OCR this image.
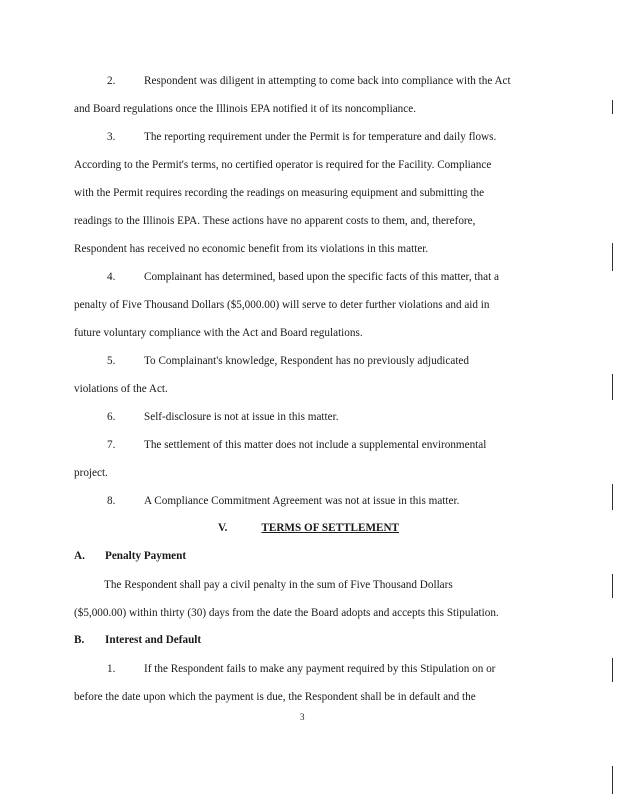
2.	Respondent was diligent in attempting to come back into compliance with the Act
and Board regulations once the Illinois EPA notified it of its noncompliance.
3.	The reporting requirement under the Permit is for temperature and daily flows.
According to the Permit's terms, no certified operator is required for the Facility. Compliance
with the Permit requires recording the readings on measuring equipment and submitting the
readings to the Illinois EPA. These actions have no apparent costs to them, and, therefore,
Respondent has received no economic benefit from its violations in this matter.
4.	Complainant has determined, based upon the specific facts of this matter, that a
penalty of Five Thousand Dollars ($5,000.00) will serve to deter further violations and aid in
future voluntary compliance with the Act and Board regulations.
5.	To Complainant's knowledge, Respondent has no previously adjudicated
violations of the Act.
6.	Self-disclosure is not at issue in this matter.
7.	The settlement of this matter does not include a supplemental environmental
project.
8.	A Compliance Commitment Agreement was not at issue in this matter.
V.	TERMS OF SETTLEMENT
A. Penalty Payment
The Respondent shall pay a civil penalty in the sum of Five Thousand Dollars
($5,000.00) within thirty (30) days from the date the Board adopts and accepts this Stipulation.
B. Interest and Default
1.	If the Respondent fails to make any payment required by this Stipulation on or
before the date upon which the payment is due, the Respondent shall be in default and the
3
